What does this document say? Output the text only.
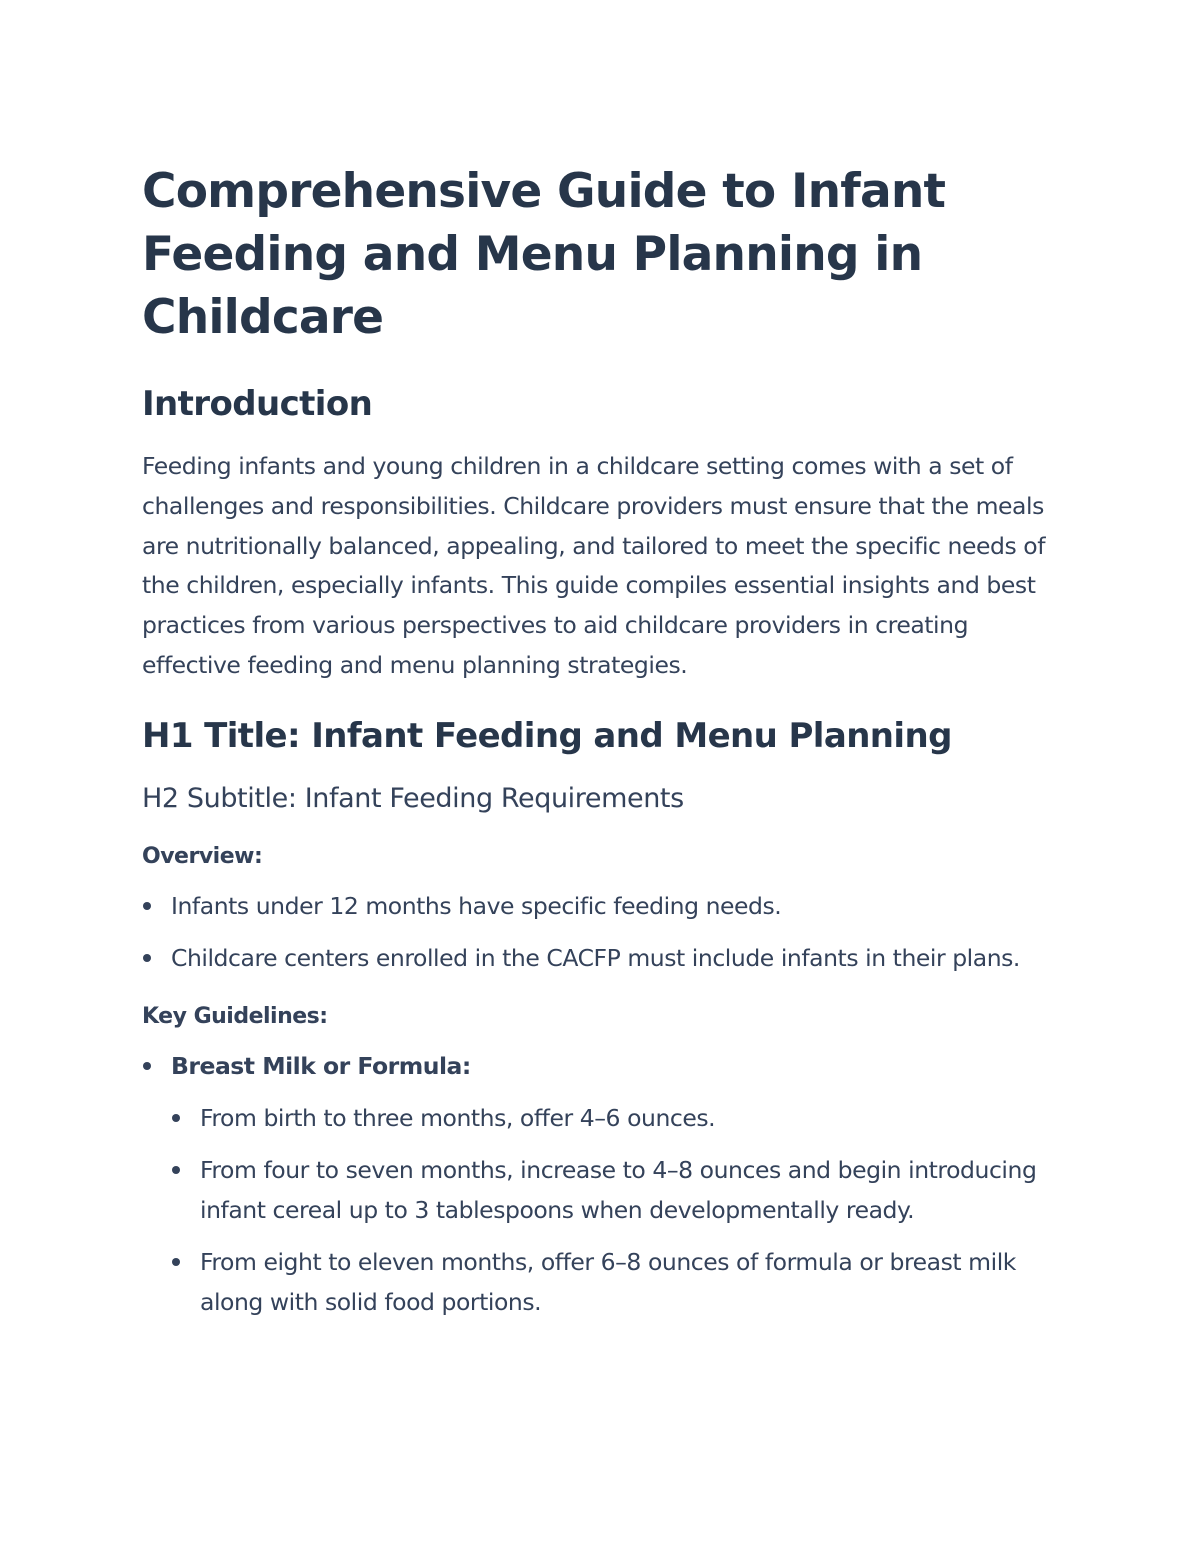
Comprehensive Guide to Infant Feeding and Menu Planning in Childcare
Introduction

Feeding infants and young children in a childcare setting comes with a set of challenges and responsibilities. Childcare providers must ensure that the meals are nutritionally balanced, appealing, and tailored to meet the specific needs of the children, especially infants. This guide compiles essential insights and best practices from various perspectives to aid childcare providers in creating effective feeding and menu planning strategies.

H1 Title: Infant Feeding and Menu Planning
H2 Subtitle: Infant Feeding Requirements
Overview:
Infants under 12 months have specific feeding needs.
Childcare centers enrolled in the CACFP must include infants in their plans.
Key Guidelines:
Breast Milk or Formula:
From birth to three months, offer 4–6 ounces.
From four to seven months, increase to 4–8 ounces and begin introducing infant cereal up to 3 tablespoons when developmentally ready.
From eight to eleven months, offer 6–8 ounces of formula or breast milk along with solid food portions.
